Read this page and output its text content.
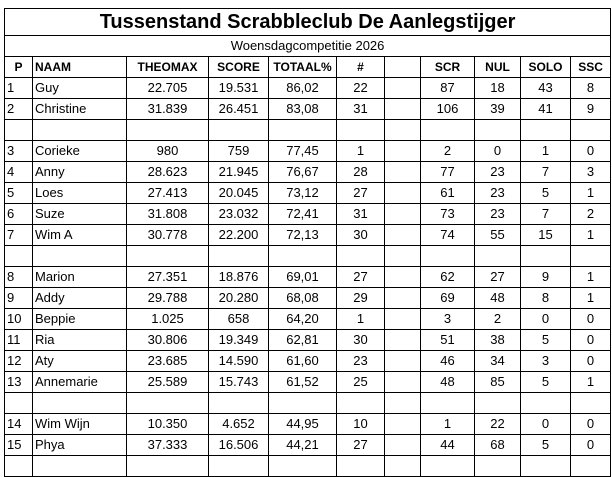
Tussenstand Scrabbleclub De Aanlegstijger										
Woensdagcompetitie 2026										
P	NAAM	THEOMAX	SCORE	TOTAAL%	#		SCR	NUL	SOLO	SSC
1	Guy	22.705	19.531	86,02	22		87	18	43	8
2	Christine	31.839	26.451	83,08	31		106	39	41	9

3	Corieke	980	759	77,45	1		2	0	1	0
4	Anny	28.623	21.945	76,67	28		77	23	7	3
5	Loes	27.413	20.045	73,12	27		61	23	5	1
6	Suze	31.808	23.032	72,41	31		73	23	7	2
7	Wim A	30.778	22.200	72,13	30		74	55	15	1

8	Marion	27.351	18.876	69,01	27		62	27	9	1
9	Addy	29.788	20.280	68,08	29		69	48	8	1
10	Beppie	1.025	658	64,20	1		3	2	0	0
11	Ria	30.806	19.349	62,81	30		51	38	5	0
12	Aty	23.685	14.590	61,60	23		46	34	3	0
13	Annemarie	25.589	15.743	61,52	25		48	85	5	1

14	Wim Wijn	10.350	4.652	44,95	10		1	22	0	0
15	Phya	37.333	16.506	44,21	27		44	68	5	0
